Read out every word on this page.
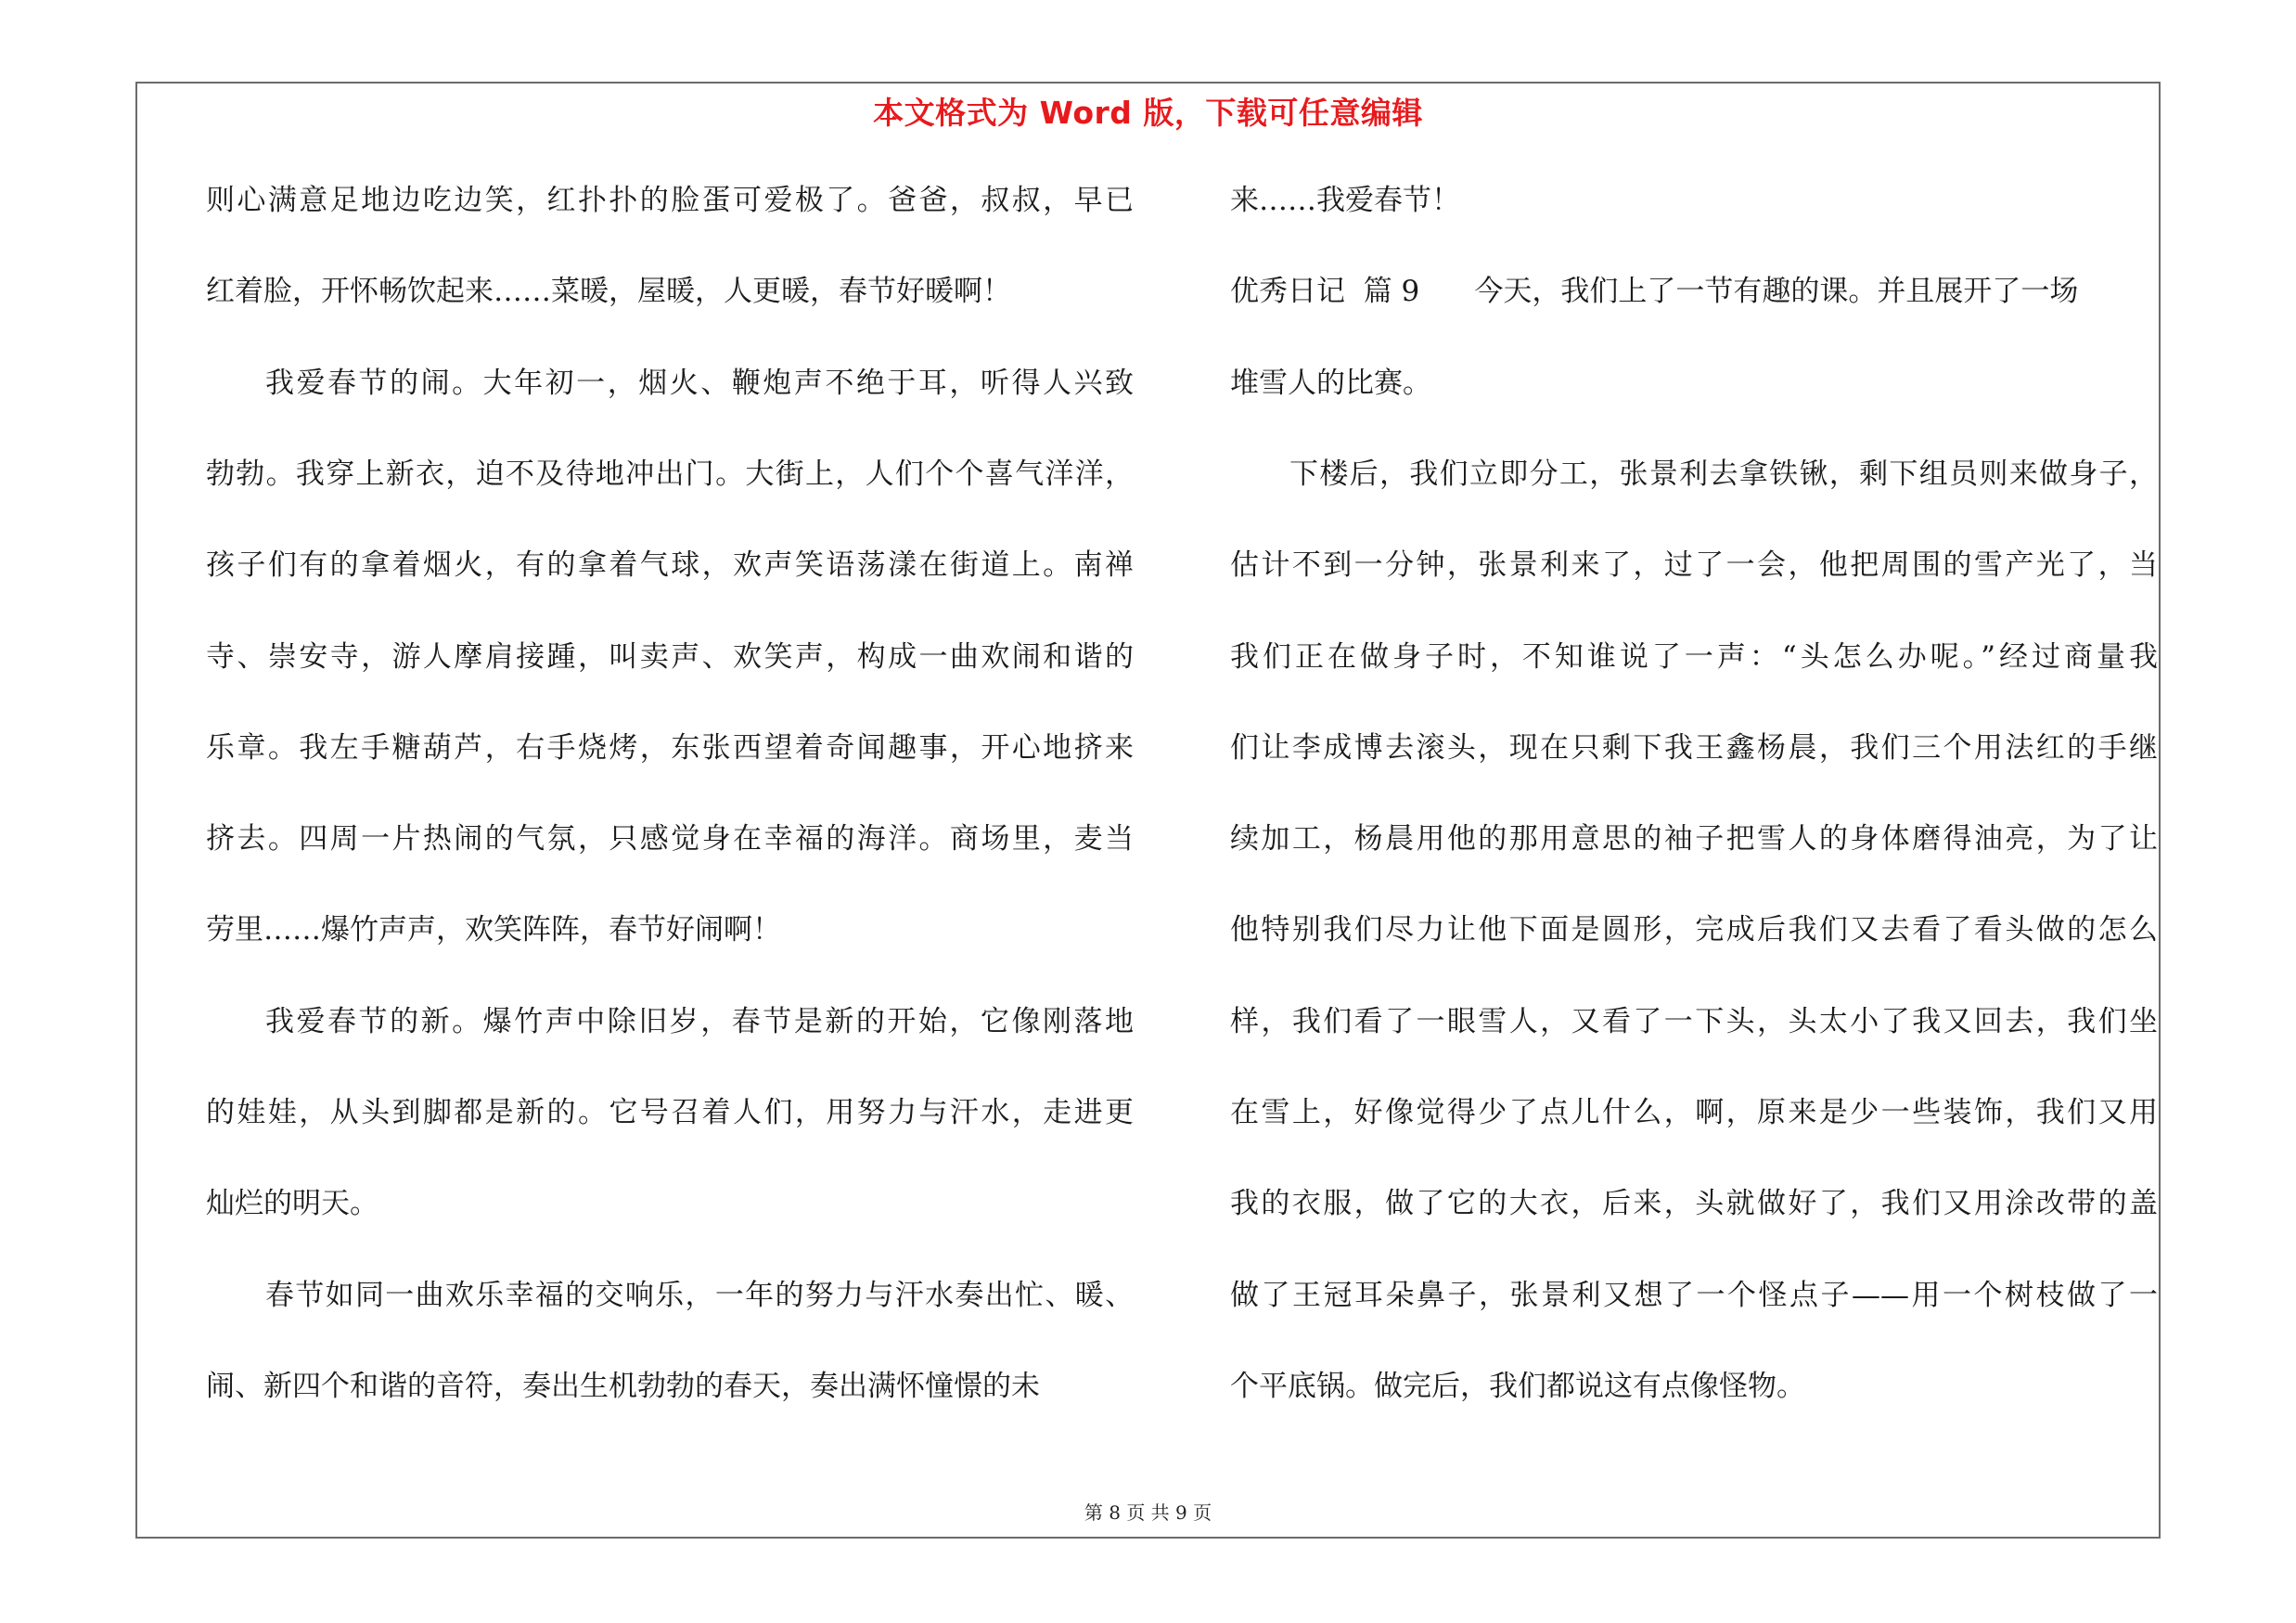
本文格式为 Word 版，下载可任意编辑
则心满意足地边吃边笑，红扑扑的脸蛋可爱极了。爸爸，叔叔，早已
红着脸，开怀畅饮起来……菜暖，屋暖，人更暖，春节好暖啊！
我爱春节的闹。大年初一，烟火、鞭炮声不绝于耳，听得人兴致
勃勃。我穿上新衣，迫不及待地冲出门。大街上，人们个个喜气洋洋，
孩子们有的拿着烟火，有的拿着气球，欢声笑语荡漾在街道上。南禅
寺、崇安寺，游人摩肩接踵，叫卖声、欢笑声，构成一曲欢闹和谐的
乐章。我左手糖葫芦，右手烧烤，东张西望着奇闻趣事，开心地挤来
挤去。四周一片热闹的气氛，只感觉身在幸福的海洋。商场里，麦当
劳里……爆竹声声，欢笑阵阵，春节好闹啊！
我爱春节的新。爆竹声中除旧岁，春节是新的开始，它像刚落地
的娃娃，从头到脚都是新的。它号召着人们，用努力与汗水，走进更
灿烂的明天。
春节如同一曲欢乐幸福的交响乐，一年的努力与汗水奏出忙、暖、
闹、新四个和谐的音符，奏出生机勃勃的春天，奏出满怀憧憬的未
来……我爱春节！
优秀日记  篇 9      今天，我们上了一节有趣的课。并且展开了一场
堆雪人的比赛。
下楼后，我们立即分工，张景利去拿铁锹，剩下组员则来做身子，
估计不到一分钟，张景利来了，过了一会，他把周围的雪产光了，当
我们正在做身子时，不知谁说了一声：“头怎么办呢。”经过商量我
们让李成博去滚头，现在只剩下我王鑫杨晨，我们三个用法红的手继
续加工，杨晨用他的那用意思的袖子把雪人的身体磨得油亮，为了让
他特别我们尽力让他下面是圆形，完成后我们又去看了看头做的怎么
样，我们看了一眼雪人，又看了一下头，头太小了我又回去，我们坐
在雪上，好像觉得少了点儿什么，啊，原来是少一些装饰，我们又用
我的衣服，做了它的大衣，后来，头就做好了，我们又用涂改带的盖
做了王冠耳朵鼻子，张景利又想了一个怪点子——用一个树枝做了一
个平底锅。做完后，我们都说这有点像怪物。
第 8 页 共 9 页
